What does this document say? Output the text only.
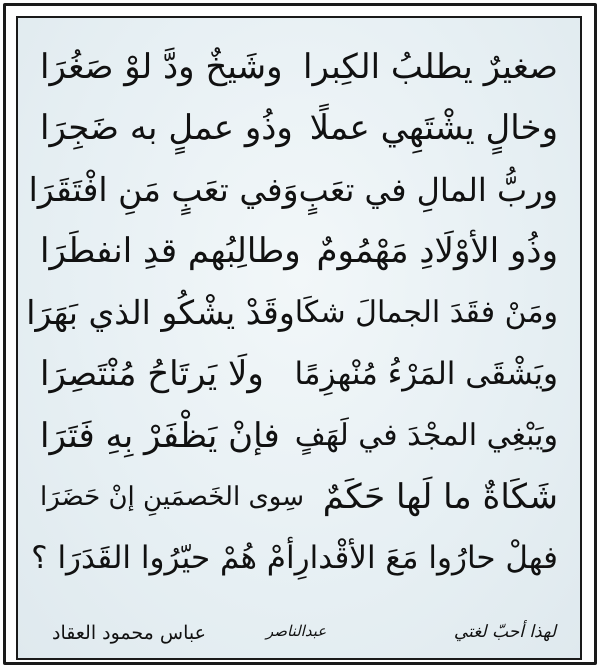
صغيرٌ يطلبُ الكِبرا
وشَيخٌ ودَّ لوْ صَغُرَا
وخالٍ يشْتَهِي عملًا
وذُو عملٍ به ضَجِرَا
وربُّ المالِ في تعَبٍ
وَفي تعَبٍ مَنِ افْتَقَرَا
وذُو الأوْلَادِ مَهْمُومٌ
وطالِبُهم قدِ انفطَرَا
ومَنْ فقَدَ الجمالَ شكَا
وقَدْ يشْكُو الذي بَهَرَا
ويَشْقَى المَرْءُ مُنْهزِمًا
ولَا يَرتَاحُ مُنْتَصِرَا
ويَبْغِي المجْدَ في لَهَفٍ
فإنْ يَظْفَرْ بِهِ فَتَرَا
شَكَاةٌ ما لَها حَكَمٌ
سِوى الخَصمَينِ إنْ حَضَرَا
فهلْ حارُوا مَعَ الأقْدارِ
أمْ هُمْ حيّرُوا القَدَرَا ؟
لهذا أحبّ لغتي
عبدالناصر
عباس محمود العقاد
